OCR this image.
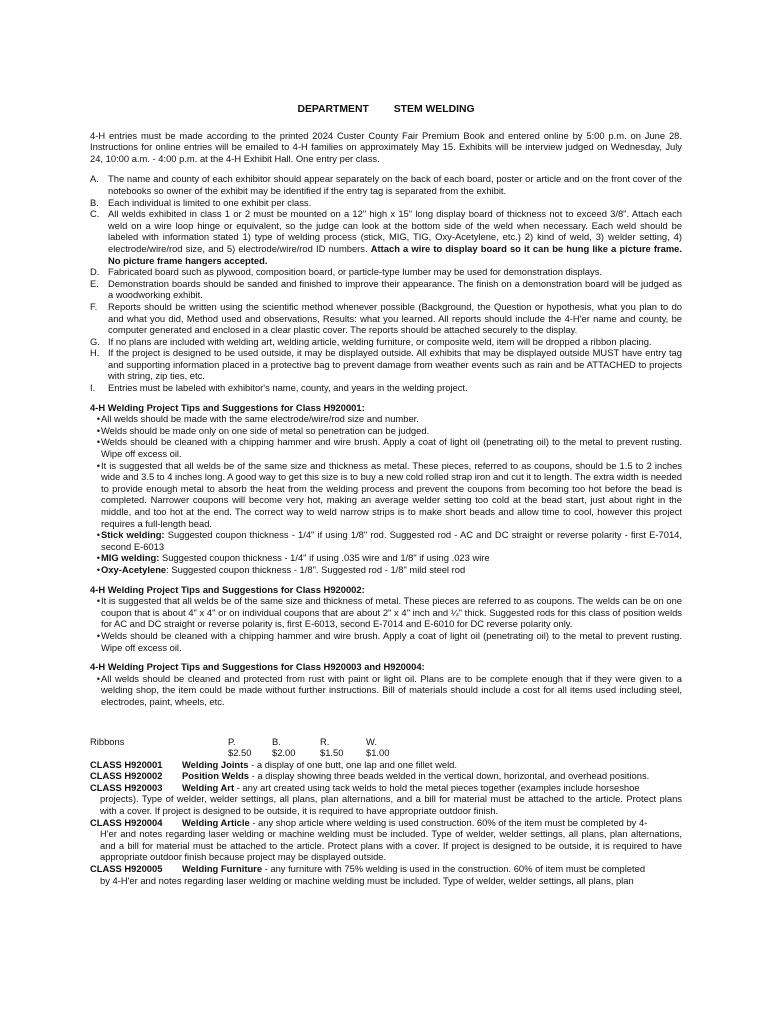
DEPARTMENT STEM WELDING

4-H entries must be made according to the printed 2024 Custer County Fair Premium Book and entered online by 5:00 p.m. on June 28. Instructions for online entries will be emailed to 4-H families on approximately May 15. Exhibits will be interview judged on Wednesday, July 24, 10:00 a.m. - 4:00 p.m. at the 4-H Exhibit Hall. One entry per class.

A. The name and county of each exhibitor should appear separately on the back of each board, poster or article and on the front cover of the notebooks so owner of the exhibit may be identified if the entry tag is separated from the exhibit.
B. Each individual is limited to one exhibit per class.
C. All welds exhibited in class 1 or 2 must be mounted on a 12" high x 15" long display board of thickness not to exceed 3/8". Attach each weld on a wire loop hinge or equivalent, so the judge can look at the bottom side of the weld when necessary. Each weld should be labeled with information stated 1) type of welding process (stick, MIG, TIG, Oxy-Acetylene, etc.) 2) kind of weld, 3) welder setting, 4) electrode/wire/rod size, and 5) electrode/wire/rod ID numbers. Attach a wire to display board so it can be hung like a picture frame. No picture frame hangers accepted.
D. Fabricated board such as plywood, composition board, or particle-type lumber may be used for demonstration displays.
E. Demonstration boards should be sanded and finished to improve their appearance. The finish on a demonstration board will be judged as a woodworking exhibit.
F.	Reports should be written using the scientific method whenever possible (Background, the Question or hypothesis, what you plan to do and what you did, Method used and observations, Results: what you learned. All reports should include the 4-H'er name and county, be computer generated and enclosed in a clear plastic cover. The reports should be attached securely to the display.
G. If no plans are included with welding art, welding article, welding furniture, or composite weld, item will be dropped a ribbon placing.
H. If the project is designed to be used outside, it may be displayed outside. All exhibits that may be displayed outside MUST have entry tag and supporting information placed in a protective bag to prevent damage from weather events such as rain and be ATTACHED to projects with string, zip ties, etc.
I.	Entries must be labeled with exhibitor's name, county, and years in the welding project.
4-H Welding Project Tips and Suggestions for Class H920001:
• All welds should be made with the same electrode/wire/rod size and number.
• Welds should be made only on one side of metal so penetration can be judged.
• Welds should be cleaned with a chipping hammer and wire brush. Apply a coat of light oil (penetrating oil) to the metal to prevent rusting. Wipe off excess oil.
• It is suggested that all welds be of the same size and thickness as metal. These pieces, referred to as coupons, should be 1.5 to 2 inches wide and 3.5 to 4 inches long. A good way to get this size is to buy a new cold rolled strap iron and cut it to length. The extra width is needed to provide enough metal to absorb the heat from the welding process and prevent the coupons from becoming too hot before the bead is completed. Narrower coupons will become very hot, making an average welder setting too cold at the bead start, just about right in the middle, and too hot at the end. The correct way to weld narrow strips is to make short beads and allow time to cool, however this project requires a full-length bead.
• Stick welding: Suggested coupon thickness - 1/4" if using 1/8" rod. Suggested rod - AC and DC straight or reverse polarity - first E-7014, second E-6013
• MIG welding: Suggested coupon thickness - 1/4" if using .035 wire and 1/8" if using .023 wire
• Oxy-Acetylene: Suggested coupon thickness - 1/8". Suggested rod - 1/8" mild steel rod
4-H Welding Project Tips and Suggestions for Class H920002:
• It is suggested that all welds be of the same size and thickness of metal. These pieces are referred to as coupons. The welds can be on one coupon that is about 4" x 4" or on individual coupons that are about 2" x 4" inch and ¼" thick. Suggested rods for this class of position welds for AC and DC straight or reverse polarity is, first E-6013, second E-7014 and E-6010 for DC reverse polarity only.
• Welds should be cleaned with a chipping hammer and wire brush. Apply a coat of light oil (penetrating oil) to the metal to prevent rusting. Wipe off excess oil.
4-H Welding Project Tips and Suggestions for Class H920003 and H920004:
• All welds should be cleaned and protected from rust with paint or light oil. Plans are to be complete enough that if they were given to a welding shop, the item could be made without further instructions. Bill of materials should include a cost for all items used including steel, electrodes, paint, wheels, etc.
Ribbons	P.	B.	R.	W.
$2.50	$2.00	$1.50	$1.00
CLASS H920001	Welding Joints - a display of one butt, one lap and one fillet weld.
CLASS H920002	Position Welds - a display showing three beads welded in the vertical down, horizontal, and overhead positions.
CLASS H920003	Welding Art - any art created using tack welds to hold the metal pieces together (examples include horseshoe
projects). Type of welder, welder settings, all plans, plan alternations, and a bill for material must be attached to the article. Protect plans with a cover. If project is designed to be outside, it is required to have appropriate outdoor finish.
CLASS H920004	Welding Article - any shop article where welding is used construction. 60% of the item must be completed by 4-
H'er and notes regarding laser welding or machine welding must be included. Type of welder, welder settings, all plans, plan alternations, and a bill for material must be attached to the article. Protect plans with a cover. If project is designed to be outside, it is required to have appropriate outdoor finish because project may be displayed outside.
CLASS H920005	Welding Furniture - any furniture with 75% welding is used in the construction. 60% of item must be completed
by 4-H'er and notes regarding laser welding or machine welding must be included. Type of welder, welder settings, all plans, plan
